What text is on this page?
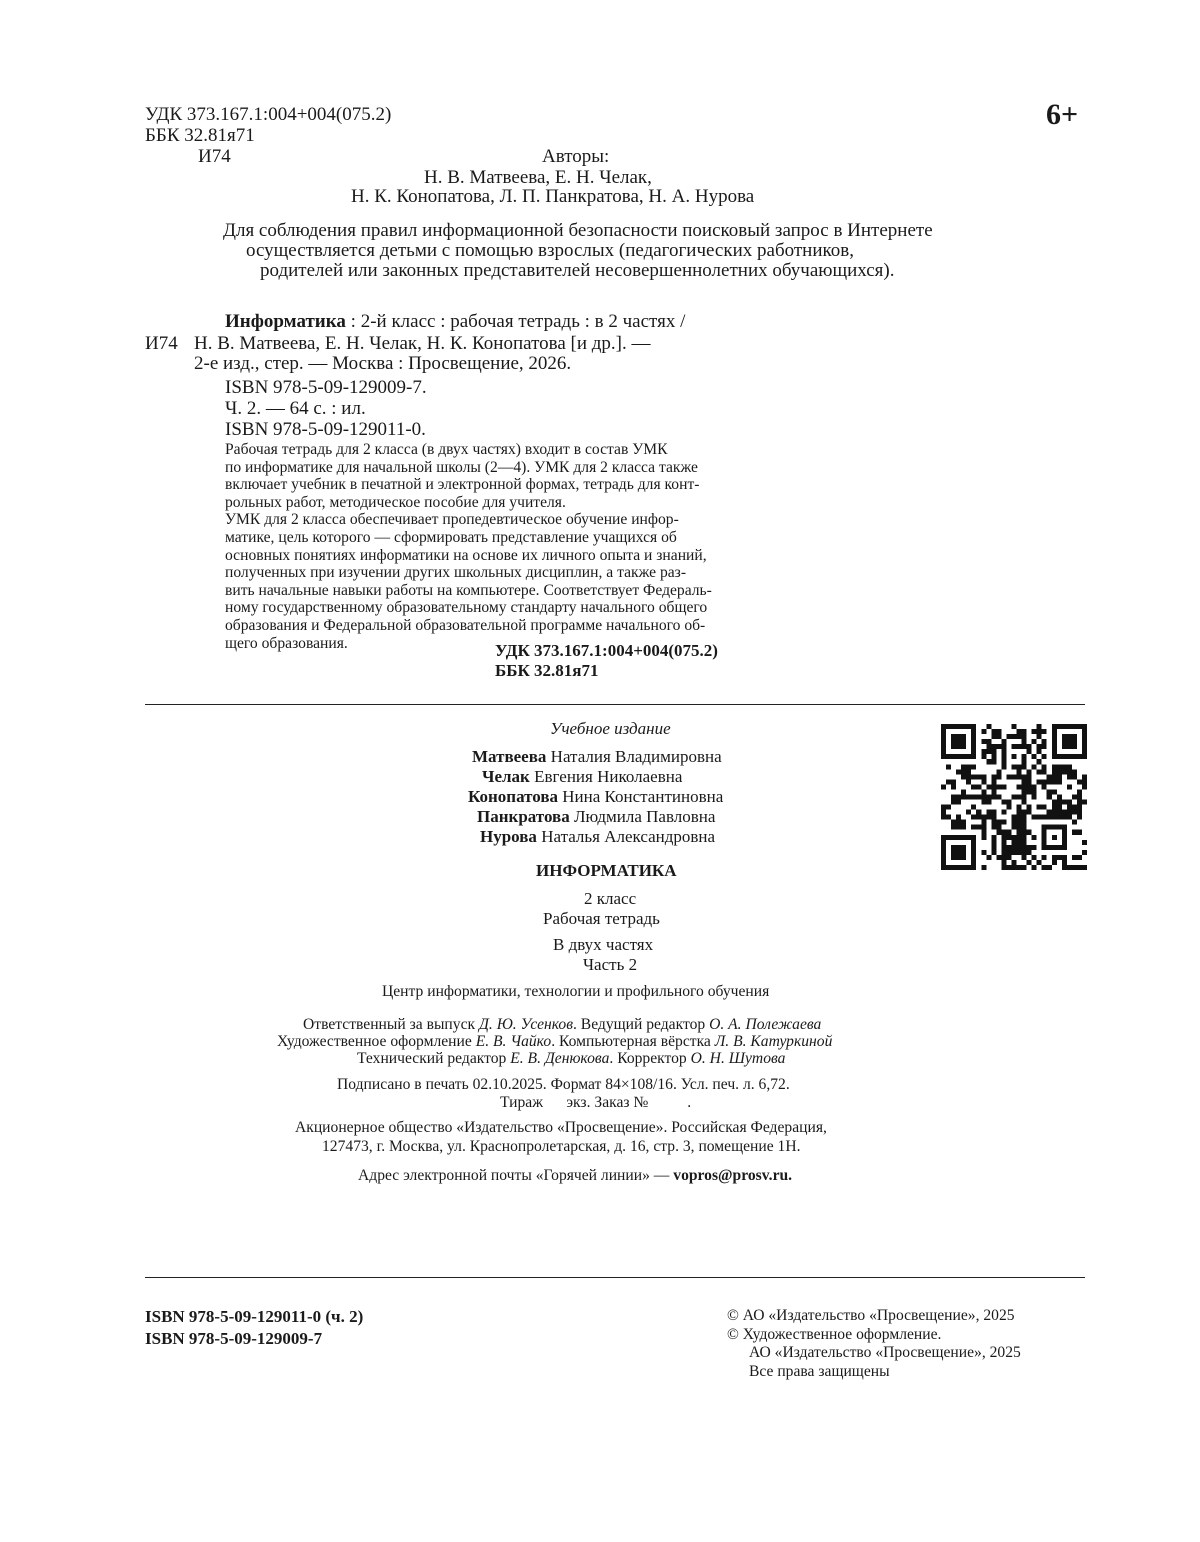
УДК 373.167.1:004+004(075.2)
ББК 32.81я71
И74
6+
Авторы:
Н. В. Матвеева, Е. Н. Челак,
Н. К. Конопатова, Л. П. Панкратова, Н. А. Нурова
Для соблюдения правил информационной безопасности поисковый запрос в Интернете
осуществляется детьми с помощью взрослых (педагогических работников,
родителей или законных представителей несовершеннолетних обучающихся).
Информатика : 2-й класс : рабочая тетрадь : в 2 частях /
И74 Н. В. Матвеева, Е. Н. Челак, Н. К. Конопатова [и др.]. —
2-е изд., стер. — Москва : Просвещение, 2026.
ISBN 978-5-09-129009-7.
Ч. 2. — 64 с. : ил.
ISBN 978-5-09-129011-0.
Рабочая тетрадь для 2 класса (в двух частях) входит в состав УМК
по информатике для начальной школы (2—4). УМК для 2 класса также
включает учебник в печатной и электронной формах, тетрадь для конт-
рольных работ, методическое пособие для учителя.
УМК для 2 класса обеспечивает пропедевтическое обучение инфор-
матике, цель которого — сформировать представление учащихся об
основных понятиях информатики на основе их личного опыта и знаний,
полученных при изучении других школьных дисциплин, а также раз-
вить начальные навыки работы на компьютере. Соответствует Федераль-
ному государственному образовательному стандарту начального общего
образования и Федеральной образовательной программе начального об-
щего образования.	УДК 373.167.1:004+004(075.2)
ББК 32.81я71
Учебное издание
Матвеева Наталия Владимировна
Челак Евгения Николаевна
Конопатова Нина Константиновна
Панкратова Людмила Павловна
Нурова Наталья Александровна
ИНФОРМАТИКА
2 класс
Рабочая тетрадь
В двух частях
Часть 2
Центр информатики, технологии и профильного обучения
Ответственный за выпуск Д. Ю. Усенков. Ведущий редактор О. А. Полежаева
Художественное оформление Е. В. Чайко. Компьютерная вёрстка Л. В. Катуркиной
Технический редактор Е. В. Денюкова. Корректор О. Н. Шутова
Подписано в печать 02.10.2025. Формат 84×108/16. Усл. печ. л. 6,72.
Тираж      экз. Заказ №          .
Акционерное общество «Издательство «Просвещение». Российская Федерация,
127473, г. Москва, ул. Краснопролетарская, д. 16, стр. 3, помещение 1Н.
Адрес электронной почты «Горячей линии» — vopros@prosv.ru.
ISBN 978-5-09-129011-0 (ч. 2)
ISBN 978-5-09-129009-7
© АО «Издательство «Просвещение», 2025
© Художественное оформление.
АО «Издательство «Просвещение», 2025
Все права защищены
